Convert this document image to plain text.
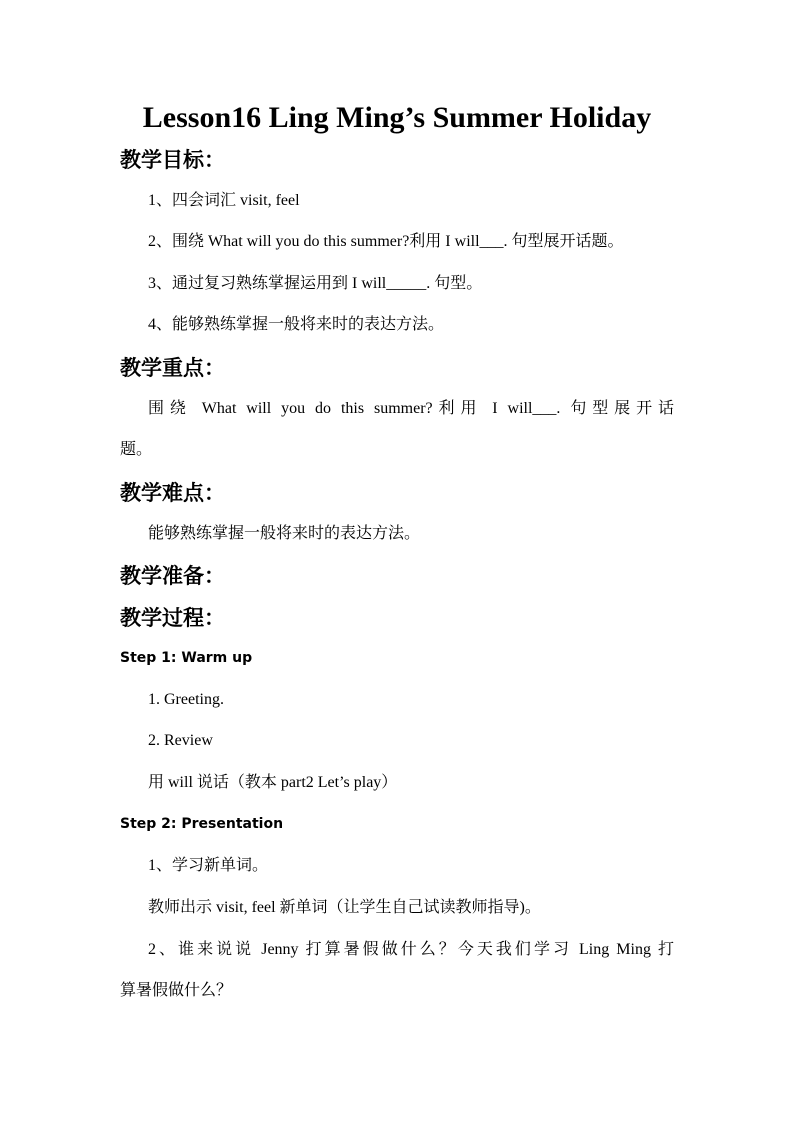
Lesson16 Ling Ming’s Summer Holiday
教学目标：
1、四会词汇 visit, feel
2、围绕 What will you do this summer?利用 I will___. 句型展开话题。
3、通过复习熟练掌握运用到 I will_____. 句型。
4、能够熟练掌握一般将来时的表达方法。
教学重点：
围绕 What will you do this summer?利用 I will___. 句型展开话
题。
教学难点：
能够熟练掌握一般将来时的表达方法。
教学准备：
教学过程：
Step 1: Warm up
1. Greeting.
2. Review
用 will 说话（教本 part2 Let’s play）
Step 2: Presentation
1、学习新单词。
教师出示 visit, feel 新单词（让学生自己试读教师指导)。
2、谁来说说 Jenny 打算暑假做什么？今天我们学习 Ling Ming 打
算暑假做什么？
